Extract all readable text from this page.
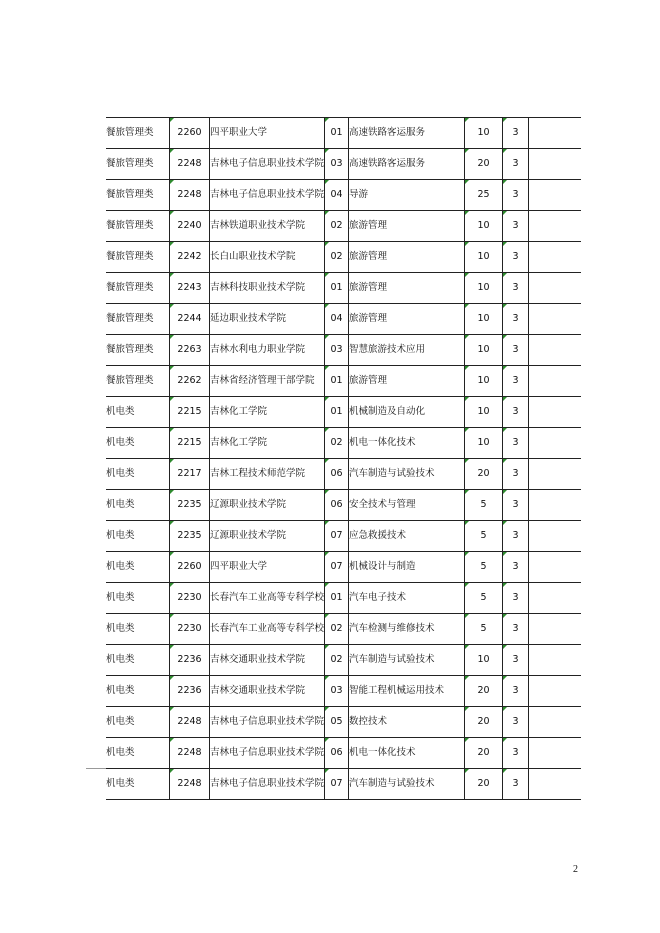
餐旅管理类	2260	四平职业大学	01	高速铁路客运服务	10	3	
餐旅管理类	2248	吉林电子信息职业技术学院	03	高速铁路客运服务	20	3	
餐旅管理类	2248	吉林电子信息职业技术学院	04	导游	25	3	
餐旅管理类	2240	吉林铁道职业技术学院	02	旅游管理	10	3	
餐旅管理类	2242	长白山职业技术学院	02	旅游管理	10	3	
餐旅管理类	2243	吉林科技职业技术学院	01	旅游管理	10	3	
餐旅管理类	2244	延边职业技术学院	04	旅游管理	10	3	
餐旅管理类	2263	吉林水利电力职业学院	03	智慧旅游技术应用	10	3	
餐旅管理类	2262	吉林省经济管理干部学院	01	旅游管理	10	3	
机电类	2215	吉林化工学院	01	机械制造及自动化	10	3	
机电类	2215	吉林化工学院	02	机电一体化技术	10	3	
机电类	2217	吉林工程技术师范学院	06	汽车制造与试验技术	20	3	
机电类	2235	辽源职业技术学院	06	安全技术与管理	5	3	
机电类	2235	辽源职业技术学院	07	应急救援技术	5	3	
机电类	2260	四平职业大学	07	机械设计与制造	5	3	
机电类	2230	长春汽车工业高等专科学校	01	汽车电子技术	5	3	
机电类	2230	长春汽车工业高等专科学校	02	汽车检测与维修技术	5	3	
机电类	2236	吉林交通职业技术学院	02	汽车制造与试验技术	10	3	
机电类	2236	吉林交通职业技术学院	03	智能工程机械运用技术	20	3	
机电类	2248	吉林电子信息职业技术学院	05	数控技术	20	3	
机电类	2248	吉林电子信息职业技术学院	06	机电一体化技术	20	3	
机电类	2248	吉林电子信息职业技术学院	07	汽车制造与试验技术	20	3	
2
